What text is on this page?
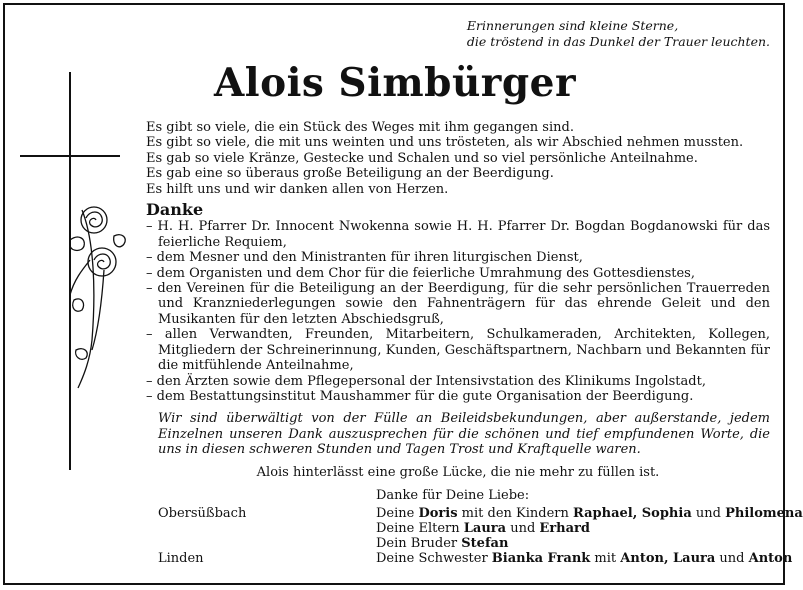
Erinnerungen sind kleine Sterne,
die tröstend in das Dunkel der Trauer leuchten.
Alois Simbürger
Es gibt so viele, die ein Stück des Weges mit ihm gegangen sind.
Es gibt so viele, die mit uns weinten und uns trösteten, als wir Abschied nehmen mussten.
Es gab so viele Kränze, Gestecke und Schalen und so viel persönliche Anteilnahme.
Es gab eine so überaus große Beteiligung an der Beerdigung.
Es hilft uns und wir danken allen von Herzen.
Danke
– H. H. Pfarrer Dr. Innocent Nwokenna sowie H. H. Pfarrer Dr. Bogdan Bogdanowski für das feierliche Requiem,
– dem Mesner und den Ministranten für ihren liturgischen Dienst,
– dem Organisten und dem Chor für die feierliche Umrahmung des Gottesdienstes,
– den Vereinen für die Beteiligung an der Beerdigung, für die sehr persönlichen Trauerreden und Kranzniederlegungen sowie den Fahnenträgern für das ehrende Geleit und den Musikanten für den letzten Abschiedsgruß,
– allen Verwandten, Freunden, Mitarbeitern, Schulkameraden, Architekten, Kollegen, Mitgliedern der Schreinerinnung, Kunden, Geschäftspartnern, Nachbarn und Bekannten für die mitfühlende Anteilnahme,
– den Ärzten sowie dem Pflegepersonal der Intensivstation des Klinikums Ingolstadt,
– dem Bestattungsinstitut Maushammer für die gute Organisation der Beerdigung.
Wir sind überwältigt von der Fülle an Beileidsbekundungen, aber außerstande, jedem Einzelnen unseren Dank auszusprechen für die schönen und tief empfundenen Worte, die uns in diesen schweren Stunden und Tagen Trost und Kraftquelle waren.
Alois hinterlässt eine große Lücke, die nie mehr zu füllen ist.
Danke für Deine Liebe:
Obersüßbach	Deine Doris mit den Kindern Raphael, Sophia und Philomena
Deine Eltern Laura und Erhard
Dein Bruder Stefan
Linden	Deine Schwester Bianka Frank mit Anton, Laura und Anton
